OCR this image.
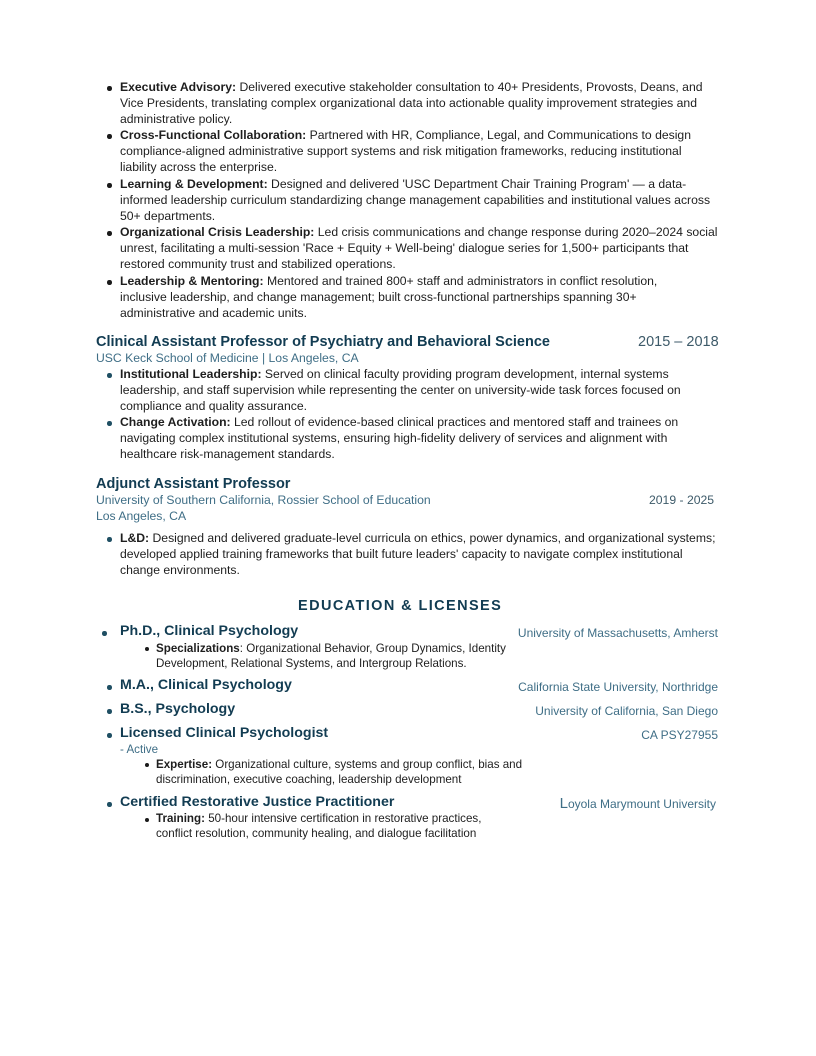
Executive Advisory: Delivered executive stakeholder consultation to 40+ Presidents, Provosts, Deans, and Vice Presidents, translating complex organizational data into actionable quality improvement strategies and administrative policy.
Cross-Functional Collaboration: Partnered with HR, Compliance, Legal, and Communications to design compliance-aligned administrative support systems and risk mitigation frameworks, reducing institutional liability across the enterprise.
Learning & Development: Designed and delivered 'USC Department Chair Training Program' — a data-informed leadership curriculum standardizing change management capabilities and institutional values across 50+ departments.
Organizational Crisis Leadership: Led crisis communications and change response during 2020–2024 social unrest, facilitating a multi-session 'Race + Equity + Well-being' dialogue series for 1,500+ participants that restored community trust and stabilized operations.
Leadership & Mentoring: Mentored and trained 800+ staff and administrators in conflict resolution, inclusive leadership, and change management; built cross-functional partnerships spanning 30+ administrative and academic units.
Clinical Assistant Professor of Psychiatry and Behavioral Science	2015 – 2018
USC Keck School of Medicine | Los Angeles, CA
Institutional Leadership: Served on clinical faculty providing program development, internal systems leadership, and staff supervision while representing the center on university-wide task forces focused on compliance and quality assurance.
Change Activation: Led rollout of evidence-based clinical practices and mentored staff and trainees on navigating complex institutional systems, ensuring high-fidelity delivery of services and alignment with healthcare risk-management standards.
Adjunct Assistant Professor
University of Southern California, Rossier School of Education	2019 - 2025
Los Angeles, CA
L&D: Designed and delivered graduate-level curricula on ethics, power dynamics, and organizational systems; developed applied training frameworks that built future leaders' capacity to navigate complex institutional change environments.
EDUCATION & LICENSES
Ph.D., Clinical Psychology	University of Massachusetts, Amherst
Specializations: Organizational Behavior, Group Dynamics, Identity Development, Relational Systems, and Intergroup Relations.
M.A., Clinical Psychology	California State University, Northridge
B.S., Psychology	University of California, San Diego
Licensed Clinical Psychologist	CA PSY27955
- Active
Expertise: Organizational culture, systems and group conflict, bias and discrimination, executive coaching, leadership development
Certified Restorative Justice Practitioner	Loyola Marymount University
Training: 50-hour intensive certification in restorative practices, conflict resolution, community healing, and dialogue facilitation
